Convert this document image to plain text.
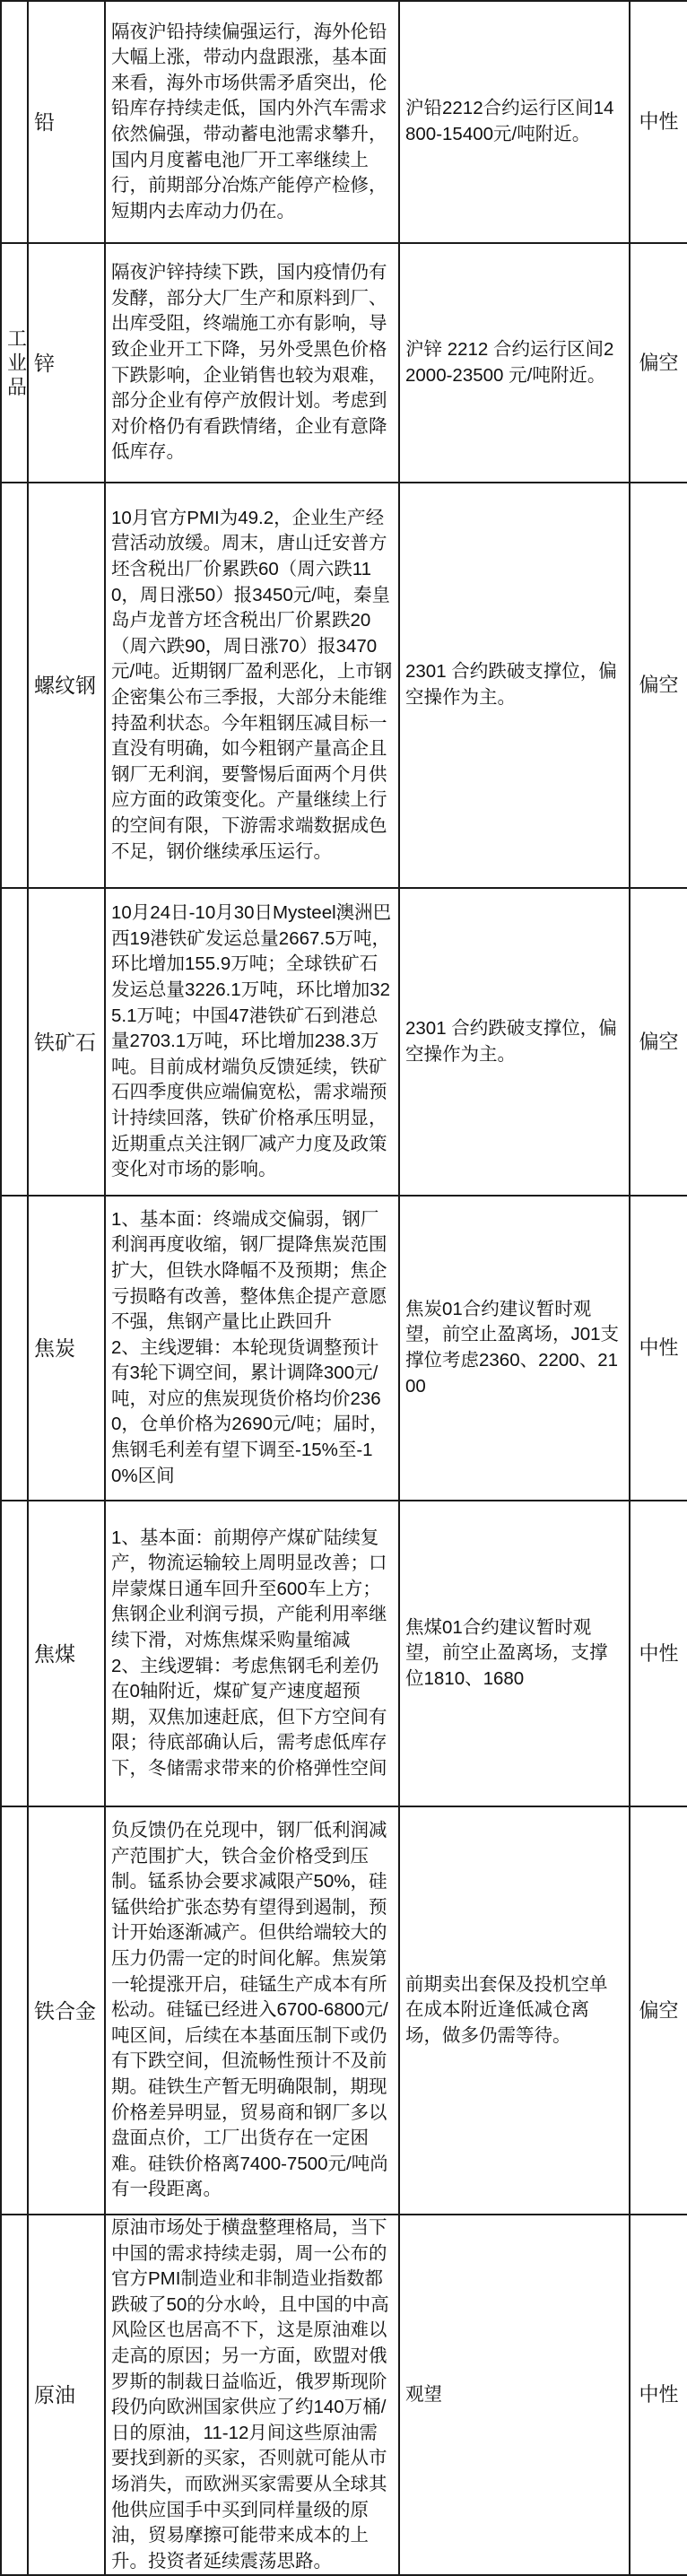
	铅	隔夜沪铅持续偏强运行，海外伦铅大幅上涨，带动内盘跟涨，基本面来看，海外市场供需矛盾突出，伦铅库存持续走低，国内外汽车需求依然偏强，带动蓄电池需求攀升，国内月度蓄电池厂开工率继续上行，前期部分冶炼产能停产检修，短期内去库动力仍在。	沪铅2212合约运行区间14800-15400元/吨附近。	中性

工业品	锌	隔夜沪锌持续下跌，国内疫情仍有发酵，部分大厂生产和原料到厂、出库受阻，终端施工亦有影响，导致企业开工下降，另外受黑色价格下跌影响，企业销售也较为艰难，部分企业有停产放假计划。考虑到对价格仍有看跌情绪，企业有意降低库存。	沪锌 2212 合约运行区间22000-23500 元/吨附近。	偏空
	螺纹钢	10月官方PMI为49.2，企业生产经营活动放缓。周末，唐山迁安普方坯含税出厂价累跌60（周六跌110，周日涨50）报3450元/吨，秦皇岛卢龙普方坯含税出厂价累跌20（周六跌90，周日涨70）报3470元/吨。近期钢厂盈利恶化，上市钢企密集公布三季报，大部分未能维持盈利状态。今年粗钢压减目标一直没有明确，如今粗钢产量高企且钢厂无利润，要警惕后面两个月供应方面的政策变化。产量继续上行的空间有限，下游需求端数据成色不足，钢价继续承压运行。	2301 合约跌破支撑位，偏空操作为主。	偏空
	铁矿石	10月24日-10月30日Mysteel澳洲巴西19港铁矿发运总量2667.5万吨，环比增加155.9万吨；全球铁矿石发运总量3226.1万吨，环比增加325.1万吨；中国47港铁矿石到港总量2703.1万吨，环比增加238.3万吨。目前成材端负反馈延续，铁矿石四季度供应端偏宽松，需求端预计持续回落，铁矿价格承压明显，近期重点关注钢厂减产力度及政策变化对市场的影响。	2301 合约跌破支撑位，偏空操作为主。	偏空
	焦炭	1、基本面：终端成交偏弱，钢厂利润再度收缩，钢厂提降焦炭范围扩大，但铁水降幅不及预期；焦企亏损略有改善，整体焦企提产意愿不强，焦钢产量比止跌回升
2、主线逻辑：本轮现货调整预计有3轮下调空间，累计调降300元/吨，对应的焦炭现货价格均价2360，仓单价格为2690元/吨；届时，焦钢毛利差有望下调至-15%至-10%区间	焦炭01合约建议暂时观望，前空止盈离场，J01支撑位考虑2360、2200、2100	中性
	焦煤	1、基本面：前期停产煤矿陆续复产，物流运输较上周明显改善；口岸蒙煤日通车回升至600车上方；焦钢企业利润亏损，产能利用率继续下滑，对炼焦煤采购量缩减
2、主线逻辑：考虑焦钢毛利差仍在0轴附近，煤矿复产速度超预期，双焦加速赶底，但下方空间有限；待底部确认后，需考虑低库存下，冬储需求带来的价格弹性空间	焦煤01合约建议暂时观望，前空止盈离场，支撑位1810、1680	中性
	铁合金	负反馈仍在兑现中，钢厂低利润减产范围扩大，铁合金价格受到压制。锰系协会要求减限产50%，硅锰供给扩张态势有望得到遏制，预计开始逐渐减产。但供给端较大的压力仍需一定的时间化解。焦炭第一轮提涨开启，硅锰生产成本有所松动。硅锰已经进入6700-6800元/吨区间，后续在本基面压制下或仍有下跌空间，但流畅性预计不及前期。硅铁生产暂无明确限制，期现价格差异明显，贸易商和钢厂多以盘面点价，工厂出货存在一定困难。硅铁价格离7400-7500元/吨尚有一段距离。	前期卖出套保及投机空单在成本附近逢低减仓离场，做多仍需等待。	偏空
	原油	原油市场处于横盘整理格局，当下中国的需求持续走弱，周一公布的官方PMI制造业和非制造业指数都跌破了50的分水岭，且中国的中高风险区也居高不下，这是原油难以走高的原因；另一方面，欧盟对俄罗斯的制裁日益临近，俄罗斯现阶段仍向欧洲国家供应了约140万桶/日的原油，11-12月间这些原油需要找到新的买家，否则就可能从市场消失，而欧洲买家需要从全球其他供应国手中买到同样量级的原油，贸易摩擦可能带来成本的上升。投资者延续震荡思路。	观望	中性
